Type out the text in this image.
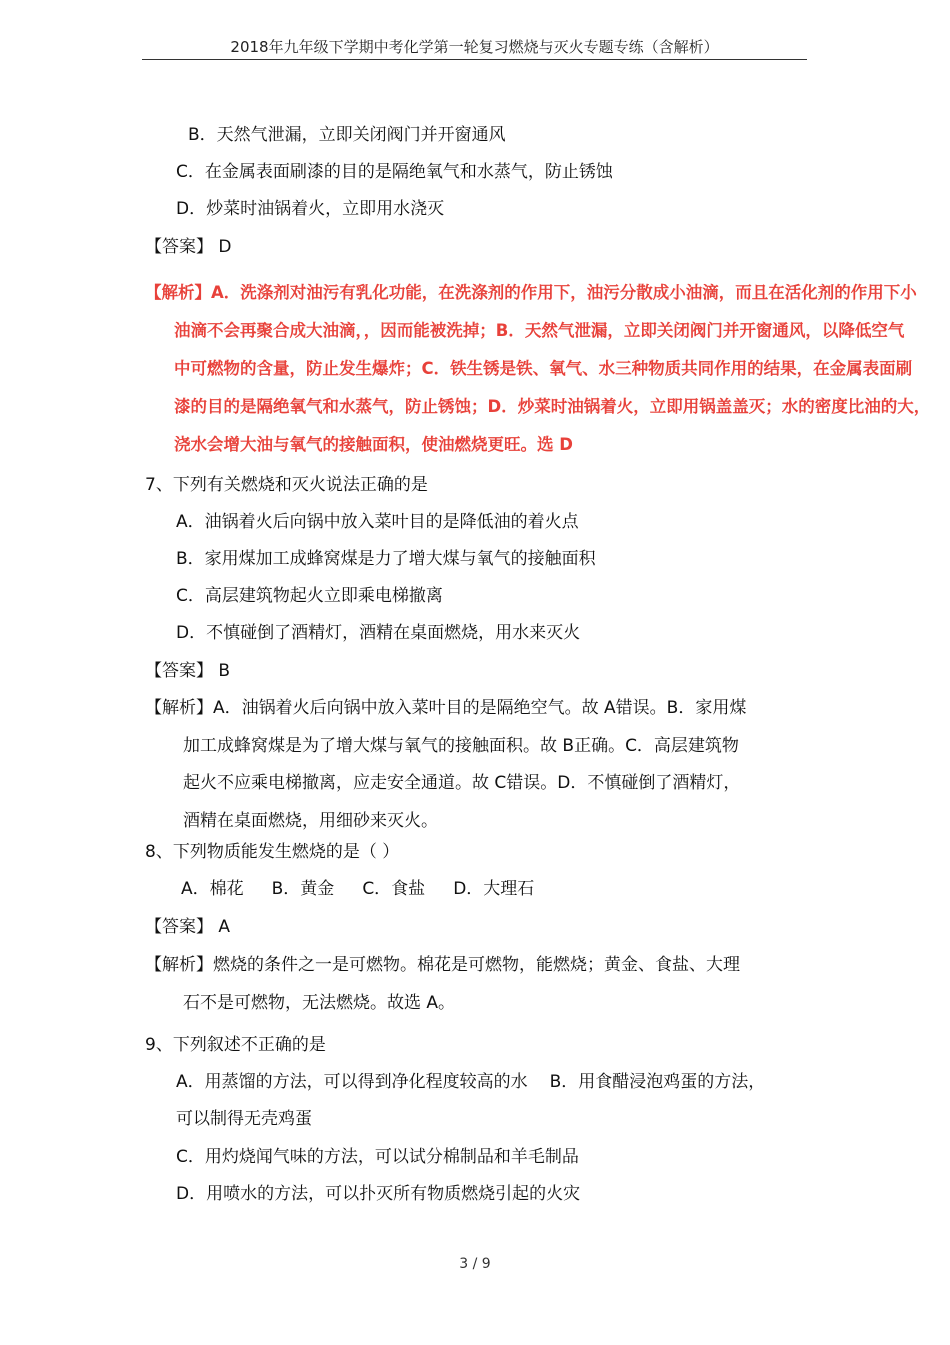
2018年九年级下学期中考化学第一轮复习燃烧与灭火专题专练（含解析）
B．天然气泄漏，立即关闭阀门并开窗通风
C．在金属表面刷漆的目的是隔绝氧气和水蒸气，防止锈蚀
D．炒菜时油锅着火，立即用水浇灭
【答案】 D
【解析】A．洗涤剂对油污有乳化功能，在洗涤剂的作用下，油污分散成小油滴，而且在活化剂的作用下小
油滴不会再聚合成大油滴，，因而能被洗掉；B．天然气泄漏，立即关闭阀门并开窗通风，以降低空气
中可燃物的含量，防止发生爆炸；C．铁生锈是铁、氧气、水三种物质共同作用的结果，在金属表面刷
漆的目的是隔绝氧气和水蒸气，防止锈蚀；D．炒菜时油锅着火，立即用锅盖盖灭；水的密度比油的大，
浇水会增大油与氧气的接触面积，使油燃烧更旺。选 D
7、下列有关燃烧和灭火说法正确的是
A．油锅着火后向锅中放入菜叶目的是降低油的着火点
B．家用煤加工成蜂窝煤是力了增大煤与氧气的接触面积
C．高层建筑物起火立即乘电梯撤离
D．不慎碰倒了酒精灯，酒精在桌面燃烧，用水来灭火
【答案】 B
【解析】A．油锅着火后向锅中放入菜叶目的是隔绝空气。故 A错误。B．家用煤
加工成蜂窝煤是为了增大煤与氧气的接触面积。故 B正确。C．高层建筑物
起火不应乘电梯撤离，应走安全通道。故 C错误。D．不慎碰倒了酒精灯，
酒精在桌面燃烧，用细砂来灭火。
8、下列物质能发生燃烧的是（ ）
A．棉花 B．黄金 C．食盐 D．大理石
【答案】 A
【解析】燃烧的条件之一是可燃物。棉花是可燃物，能燃烧；黄金、食盐、大理
石不是可燃物，无法燃烧。故选 A。
9、下列叙述不正确的是
A．用蒸馏的方法，可以得到净化程度较高的水 B．用食醋浸泡鸡蛋的方法，
可以制得无壳鸡蛋
C．用灼烧闻气味的方法，可以试分棉制品和羊毛制品
D．用喷水的方法，可以扑灭所有物质燃烧引起的火灾
3 / 9
